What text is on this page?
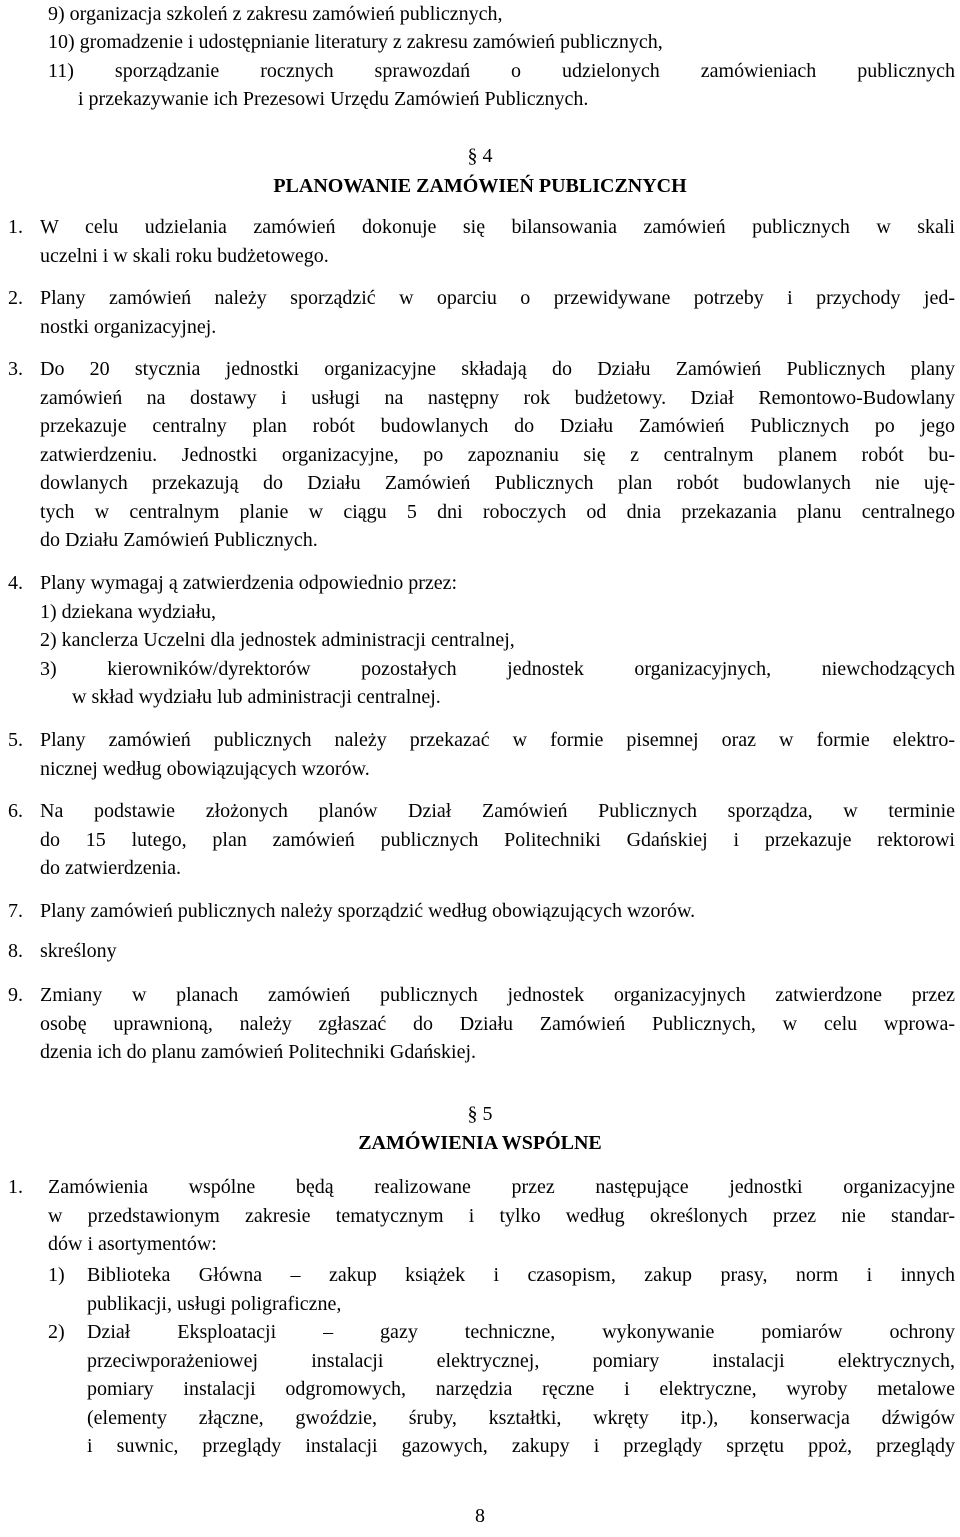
9) organizacja szkoleń z zakresu zamówień publicznych,
10) gromadzenie i udostępnianie literatury z zakresu zamówień publicznych,
11) sporządzanie rocznych sprawozdań o udzielonych zamówieniach publicznych
i przekazywanie ich Prezesowi Urzędu Zamówień Publicznych.
§ 4
PLANOWANIE ZAMÓWIEŃ PUBLICZNYCH
1. W celu udzielania zamówień dokonuje się bilansowania zamówień publicznych w skali
uczelni i w skali roku budżetowego.
2. Plany zamówień należy sporządzić w oparciu o przewidywane potrzeby i przychody jed-
nostki organizacyjnej.
3. Do 20 stycznia jednostki organizacyjne składają do Działu Zamówień Publicznych plany
zamówień na dostawy i usługi na następny rok budżetowy. Dział Remontowo-Budowlany
przekazuje centralny plan robót budowlanych do Działu Zamówień Publicznych po jego
zatwierdzeniu. Jednostki organizacyjne, po zapoznaniu się z centralnym planem robót bu-
dowlanych przekazują do Działu Zamówień Publicznych plan robót budowlanych nie uję-
tych w centralnym planie w ciągu 5 dni roboczych od dnia przekazania planu centralnego
do Działu Zamówień Publicznych.
4. Plany wymagaj ą zatwierdzenia odpowiednio przez:
1) dziekana wydziału,
2) kanclerza Uczelni dla jednostek administracji centralnej,
3)	kierowników/dyrektorów pozostałych jednostek organizacyjnych, niewchodzących
w skład wydziału lub administracji centralnej.
5. Plany zamówień publicznych należy przekazać w formie pisemnej oraz w formie elektro-
nicznej według obowiązujących wzorów.
6. Na podstawie złożonych planów Dział Zamówień Publicznych sporządza, w terminie
do 15 lutego, plan zamówień publicznych Politechniki Gdańskiej i przekazuje rektorowi
do zatwierdzenia.
7. Plany zamówień publicznych należy sporządzić według obowiązujących wzorów.
8. skreślony
9. Zmiany w planach zamówień publicznych jednostek organizacyjnych zatwierdzone przez
osobę uprawnioną, należy zgłaszać do Działu Zamówień Publicznych, w celu wprowa-
dzenia ich do planu zamówień Politechniki Gdańskiej.
§ 5
ZAMÓWIENIA WSPÓLNE
1. Zamówienia wspólne będą realizowane przez następujące jednostki organizacyjne
w przedstawionym zakresie tematycznym i tylko według określonych przez nie standar-
dów i asortymentów:
1) Biblioteka Główna – zakup książek i czasopism, zakup prasy, norm i innych
publikacji, usługi poligraficzne,
2) Dział Eksploatacji – gazy techniczne, wykonywanie pomiarów ochrony
przeciwporażeniowej instalacji elektrycznej, pomiary instalacji elektrycznych,
pomiary instalacji odgromowych, narzędzia ręczne i elektryczne, wyroby metalowe
(elementy złączne, gwoździe, śruby, kształtki, wkręty itp.), konserwacja dźwigów
i suwnic, przeglądy instalacji gazowych, zakupy i przeglądy sprzętu ppoż, przeglądy
8
